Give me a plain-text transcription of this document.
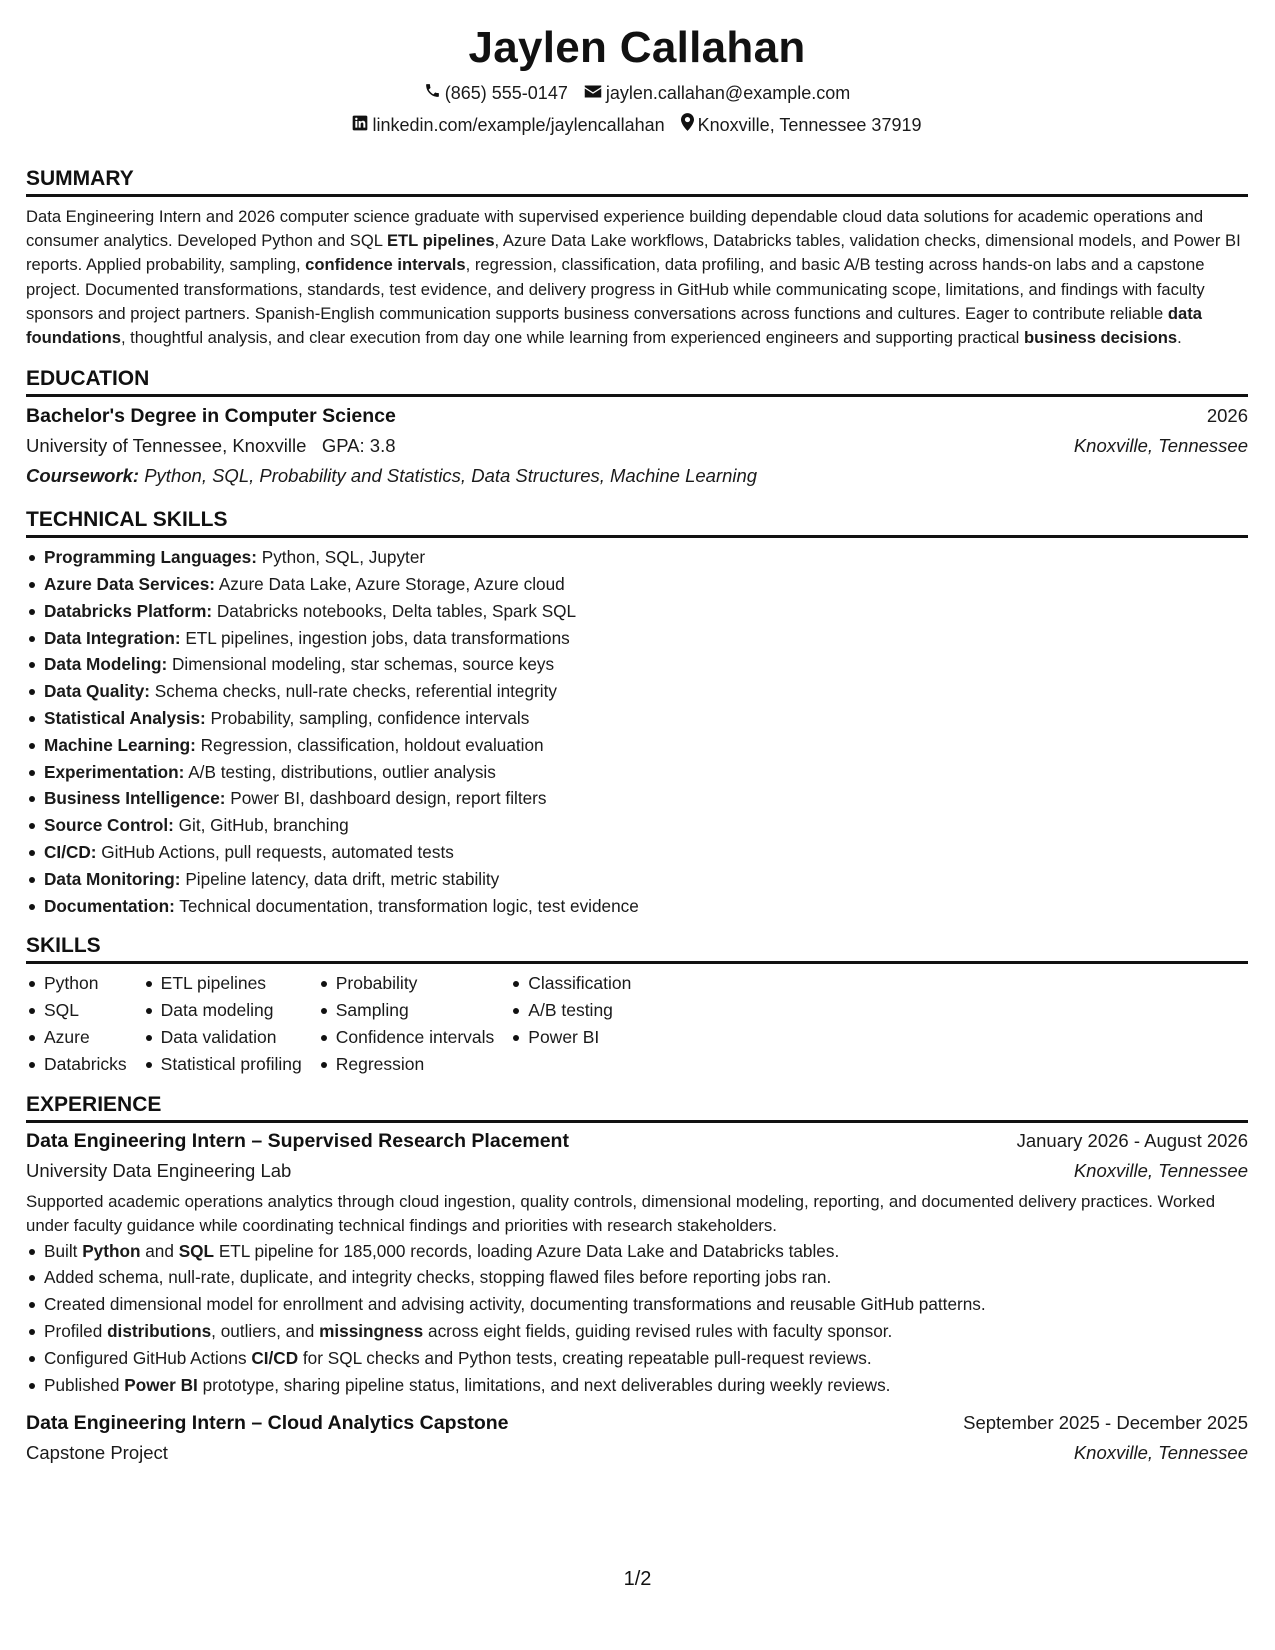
Jaylen Callahan
(865) 555-0147 jaylen.callahan@example.com
linkedin.com/example/jaylencallahan Knoxville, Tennessee 37919
SUMMARY

Data Engineering Intern and 2026 computer science graduate with supervised experience building dependable cloud data solutions for academic operations and consumer analytics. Developed Python and SQL ETL pipelines, Azure Data Lake workflows, Databricks tables, validation checks, dimensional models, and Power BI reports. Applied probability, sampling, confidence intervals, regression, classification, data profiling, and basic A/B testing across hands-on labs and a capstone project. Documented transformations, standards, test evidence, and delivery progress in GitHub while communicating scope, limitations, and findings with faculty sponsors and project partners. Spanish-English communication supports business conversations across functions and cultures. Eager to contribute reliable data foundations, thoughtful analysis, and clear execution from day one while learning from experienced engineers and supporting practical business decisions.

EDUCATION
Bachelor's Degree in Computer Science	2026
University of Tennessee, Knoxville GPA: 3.8	Knoxville, Tennessee
Coursework: Python, SQL, Probability and Statistics, Data Structures, Machine Learning
TECHNICAL SKILLS
Programming Languages: Python, SQL, Jupyter
Azure Data Services: Azure Data Lake, Azure Storage, Azure cloud
Databricks Platform: Databricks notebooks, Delta tables, Spark SQL
Data Integration: ETL pipelines, ingestion jobs, data transformations
Data Modeling: Dimensional modeling, star schemas, source keys
Data Quality: Schema checks, null-rate checks, referential integrity
Statistical Analysis: Probability, sampling, confidence intervals
Machine Learning: Regression, classification, holdout evaluation
Experimentation: A/B testing, distributions, outlier analysis
Business Intelligence: Power BI, dashboard design, report filters
Source Control: Git, GitHub, branching
CI/CD: GitHub Actions, pull requests, automated tests
Data Monitoring: Pipeline latency, data drift, metric stability
Documentation: Technical documentation, transformation logic, test evidence
SKILLS
Python
SQL
Azure
Databricks
ETL pipelines
Data modeling
Data validation
Statistical profiling
Probability
Sampling
Confidence intervals
Regression
Classification
A/B testing
Power BI
EXPERIENCE
Data Engineering Intern – Supervised Research Placement	January 2026 - August 2026
University Data Engineering Lab	Knoxville, Tennessee

Supported academic operations analytics through cloud ingestion, quality controls, dimensional modeling, reporting, and documented delivery practices. Worked under faculty guidance while coordinating technical findings and priorities with research stakeholders.

Built Python and SQL ETL pipeline for 185,000 records, loading Azure Data Lake and Databricks tables.
Added schema, null-rate, duplicate, and integrity checks, stopping flawed files before reporting jobs ran.
Created dimensional model for enrollment and advising activity, documenting transformations and reusable GitHub patterns.
Profiled distributions, outliers, and missingness across eight fields, guiding revised rules with faculty sponsor.
Configured GitHub Actions CI/CD for SQL checks and Python tests, creating repeatable pull-request reviews.
Published Power BI prototype, sharing pipeline status, limitations, and next deliverables during weekly reviews.
Data Engineering Intern – Cloud Analytics Capstone	September 2025 - December 2025
Capstone Project	Knoxville, Tennessee
1/2
